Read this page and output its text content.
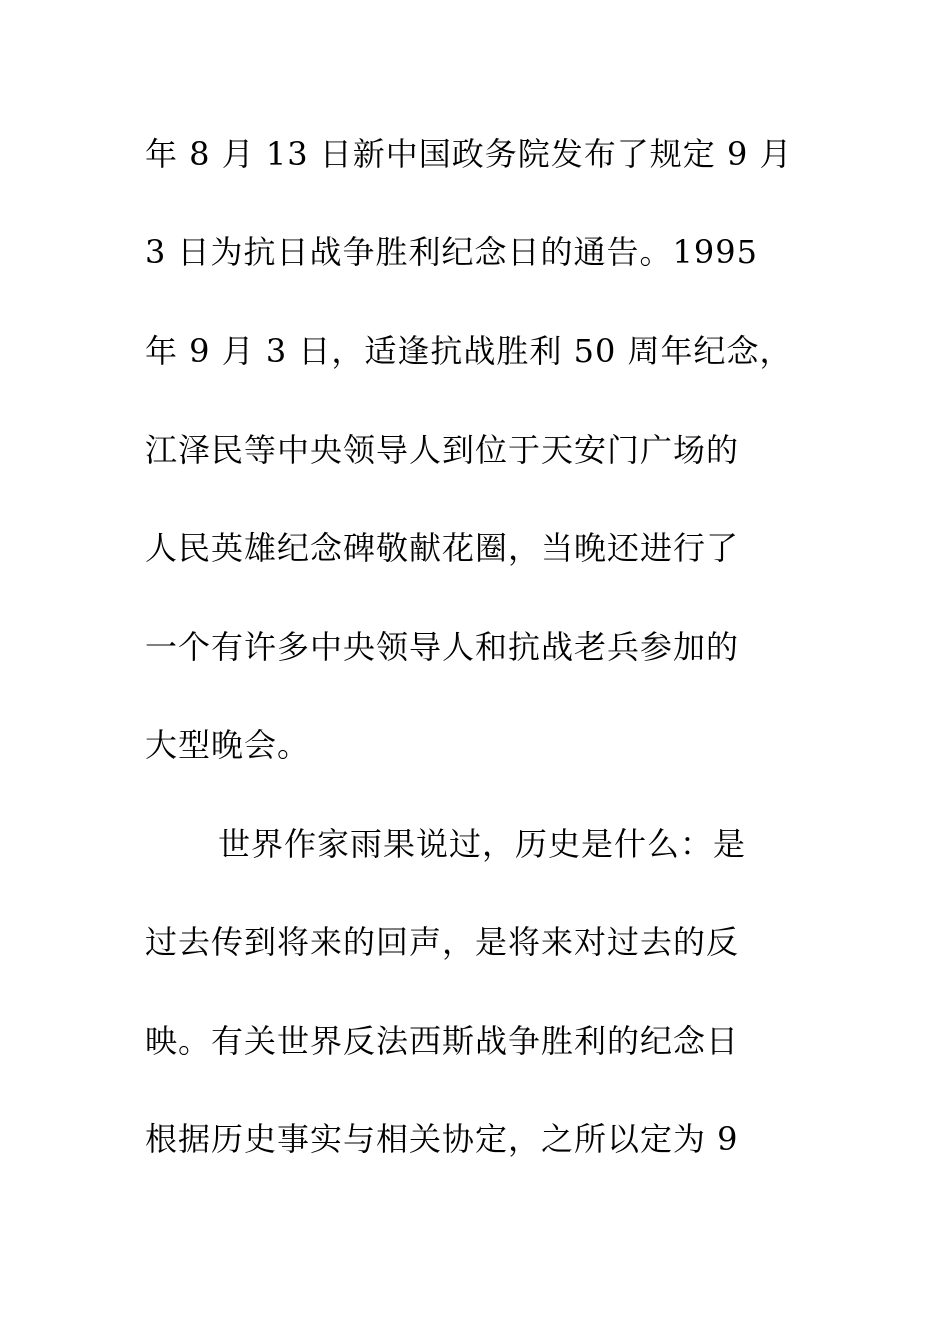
年 8 月 13 日新中国政务院发布了规定 9 月
3 日为抗日战争胜利纪念日的通告。1995
年 9 月 3 日，适逢抗战胜利 50 周年纪念，
江泽民等中央领导人到位于天安门广场的
人民英雄纪念碑敬献花圈，当晚还进行了
一个有许多中央领导人和抗战老兵参加的
大型晚会。
世界作家雨果说过，历史是什么：是
过去传到将来的回声，是将来对过去的反
映。有关世界反法西斯战争胜利的纪念日
根据历史事实与相关协定，之所以定为 9
